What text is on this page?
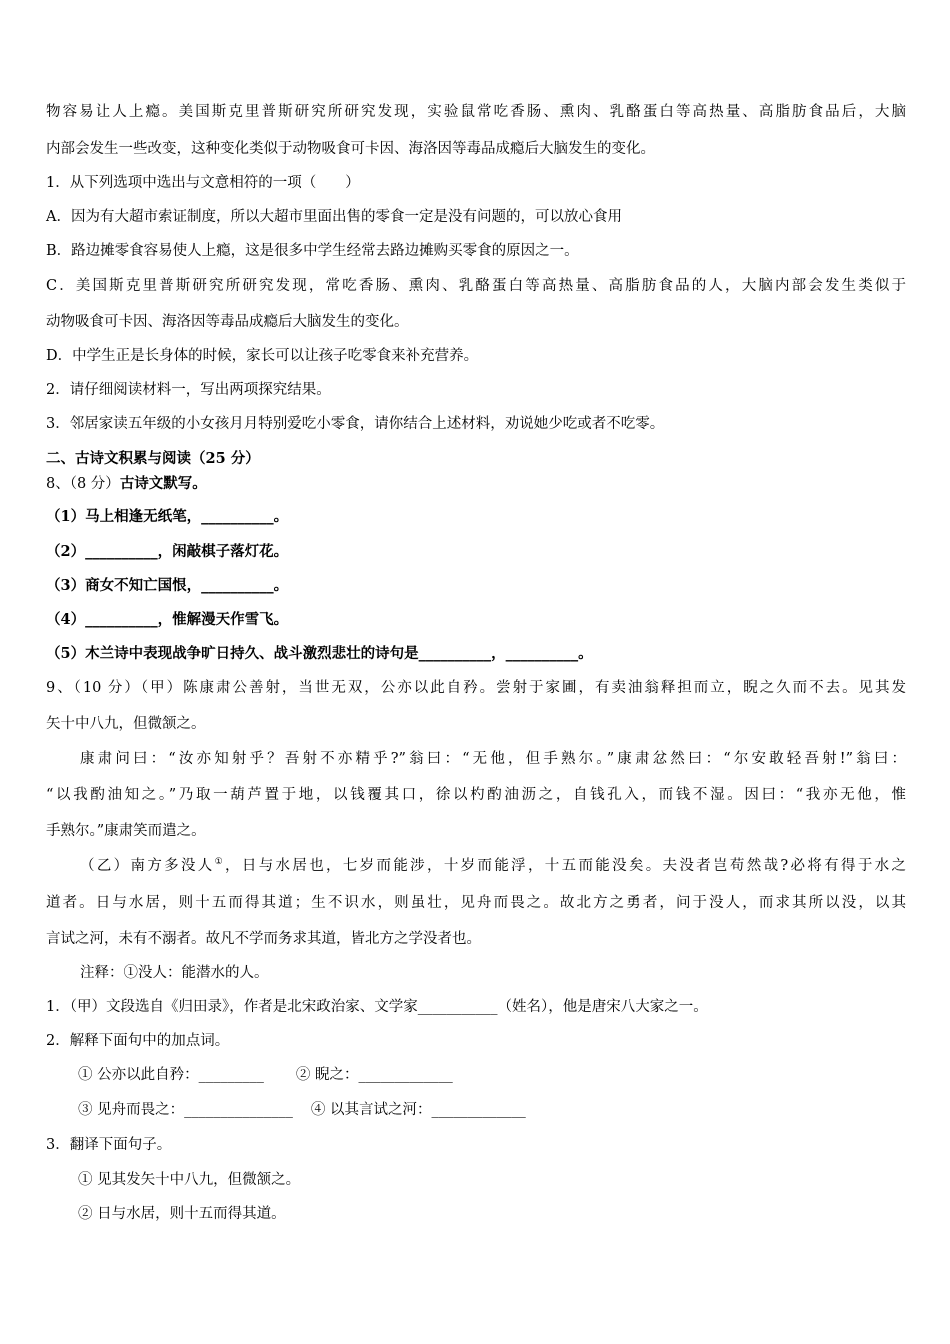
物容易让人上瘾。美国斯克里普斯研究所研究发现，实验鼠常吃香肠、熏肉、乳酪蛋白等高热量、高脂肪食品后，大脑
内部会发生一些改变，这种变化类似于动物吸食可卡因、海洛因等毒品成瘾后大脑发生的变化。
1．从下列选项中选出与文意相符的一项（　　）
A．因为有大超市索证制度，所以大超市里面出售的零食一定是没有问题的，可以放心食用
B．路边摊零食容易使人上瘾，这是很多中学生经常去路边摊购买零食的原因之一。
C．美国斯克里普斯研究所研究发现，常吃香肠、熏肉、乳酪蛋白等高热量、高脂肪食品的人，大脑内部会发生类似于
动物吸食可卡因、海洛因等毒品成瘾后大脑发生的变化。
D．中学生正是长身体的时候，家长可以让孩子吃零食来补充营养。
2．请仔细阅读材料一，写出两项探究结果。
3．邻居家读五年级的小女孩月月特别爱吃小零食，请你结合上述材料，劝说她少吃或者不吃零。
二、古诗文积累与阅读（25 分）
8、（8 分）古诗文默写。
（1）马上相逢无纸笔，__________。
（2）__________，闲敲棋子落灯花。
（3）商女不知亡国恨，__________。
（4）__________，惟解漫天作雪飞。
（5）木兰诗中表现战争旷日持久、战斗激烈悲壮的诗句是__________，__________。
9、（10 分）（甲）陈康肃公善射，当世无双，公亦以此自矜。尝射于家圃，有卖油翁释担而立，睨之久而不去。见其发
矢十中八九，但微颔之。
康肃问曰：“汝亦知射乎？吾射不亦精乎?”翁曰：“无他，但手熟尔。”康肃忿然曰：“尔安敢轻吾射!”翁曰：
“以我酌油知之。”乃取一葫芦置于地，以钱覆其口，徐以杓酌油沥之，自钱孔入，而钱不湿。因曰：“我亦无他，惟
手熟尔。”康肃笑而遣之。
（乙）南方多没人①，日与水居也，七岁而能涉，十岁而能浮，十五而能没矣。夫没者岂苟然哉?必将有得于水之
道者。日与水居，则十五而得其道；生不识水，则虽壮，见舟而畏之。故北方之勇者，问于没人，而求其所以没，以其
言试之河，未有不溺者。故凡不学而务求其道，皆北方之学没者也。
注释：①没人：能潜水的人。
1．（甲）文段选自《归田录》，作者是北宋政治家、文学家___________（姓名），他是唐宋八大家之一。
2．解释下面句中的加点词。
① 公亦以此自矜：_________ ② 睨之：_____________
③ 见舟而畏之：_______________ ④ 以其言试之河：_____________
3．翻译下面句子。
① 见其发矢十中八九，但微颔之。
② 日与水居，则十五而得其道。
